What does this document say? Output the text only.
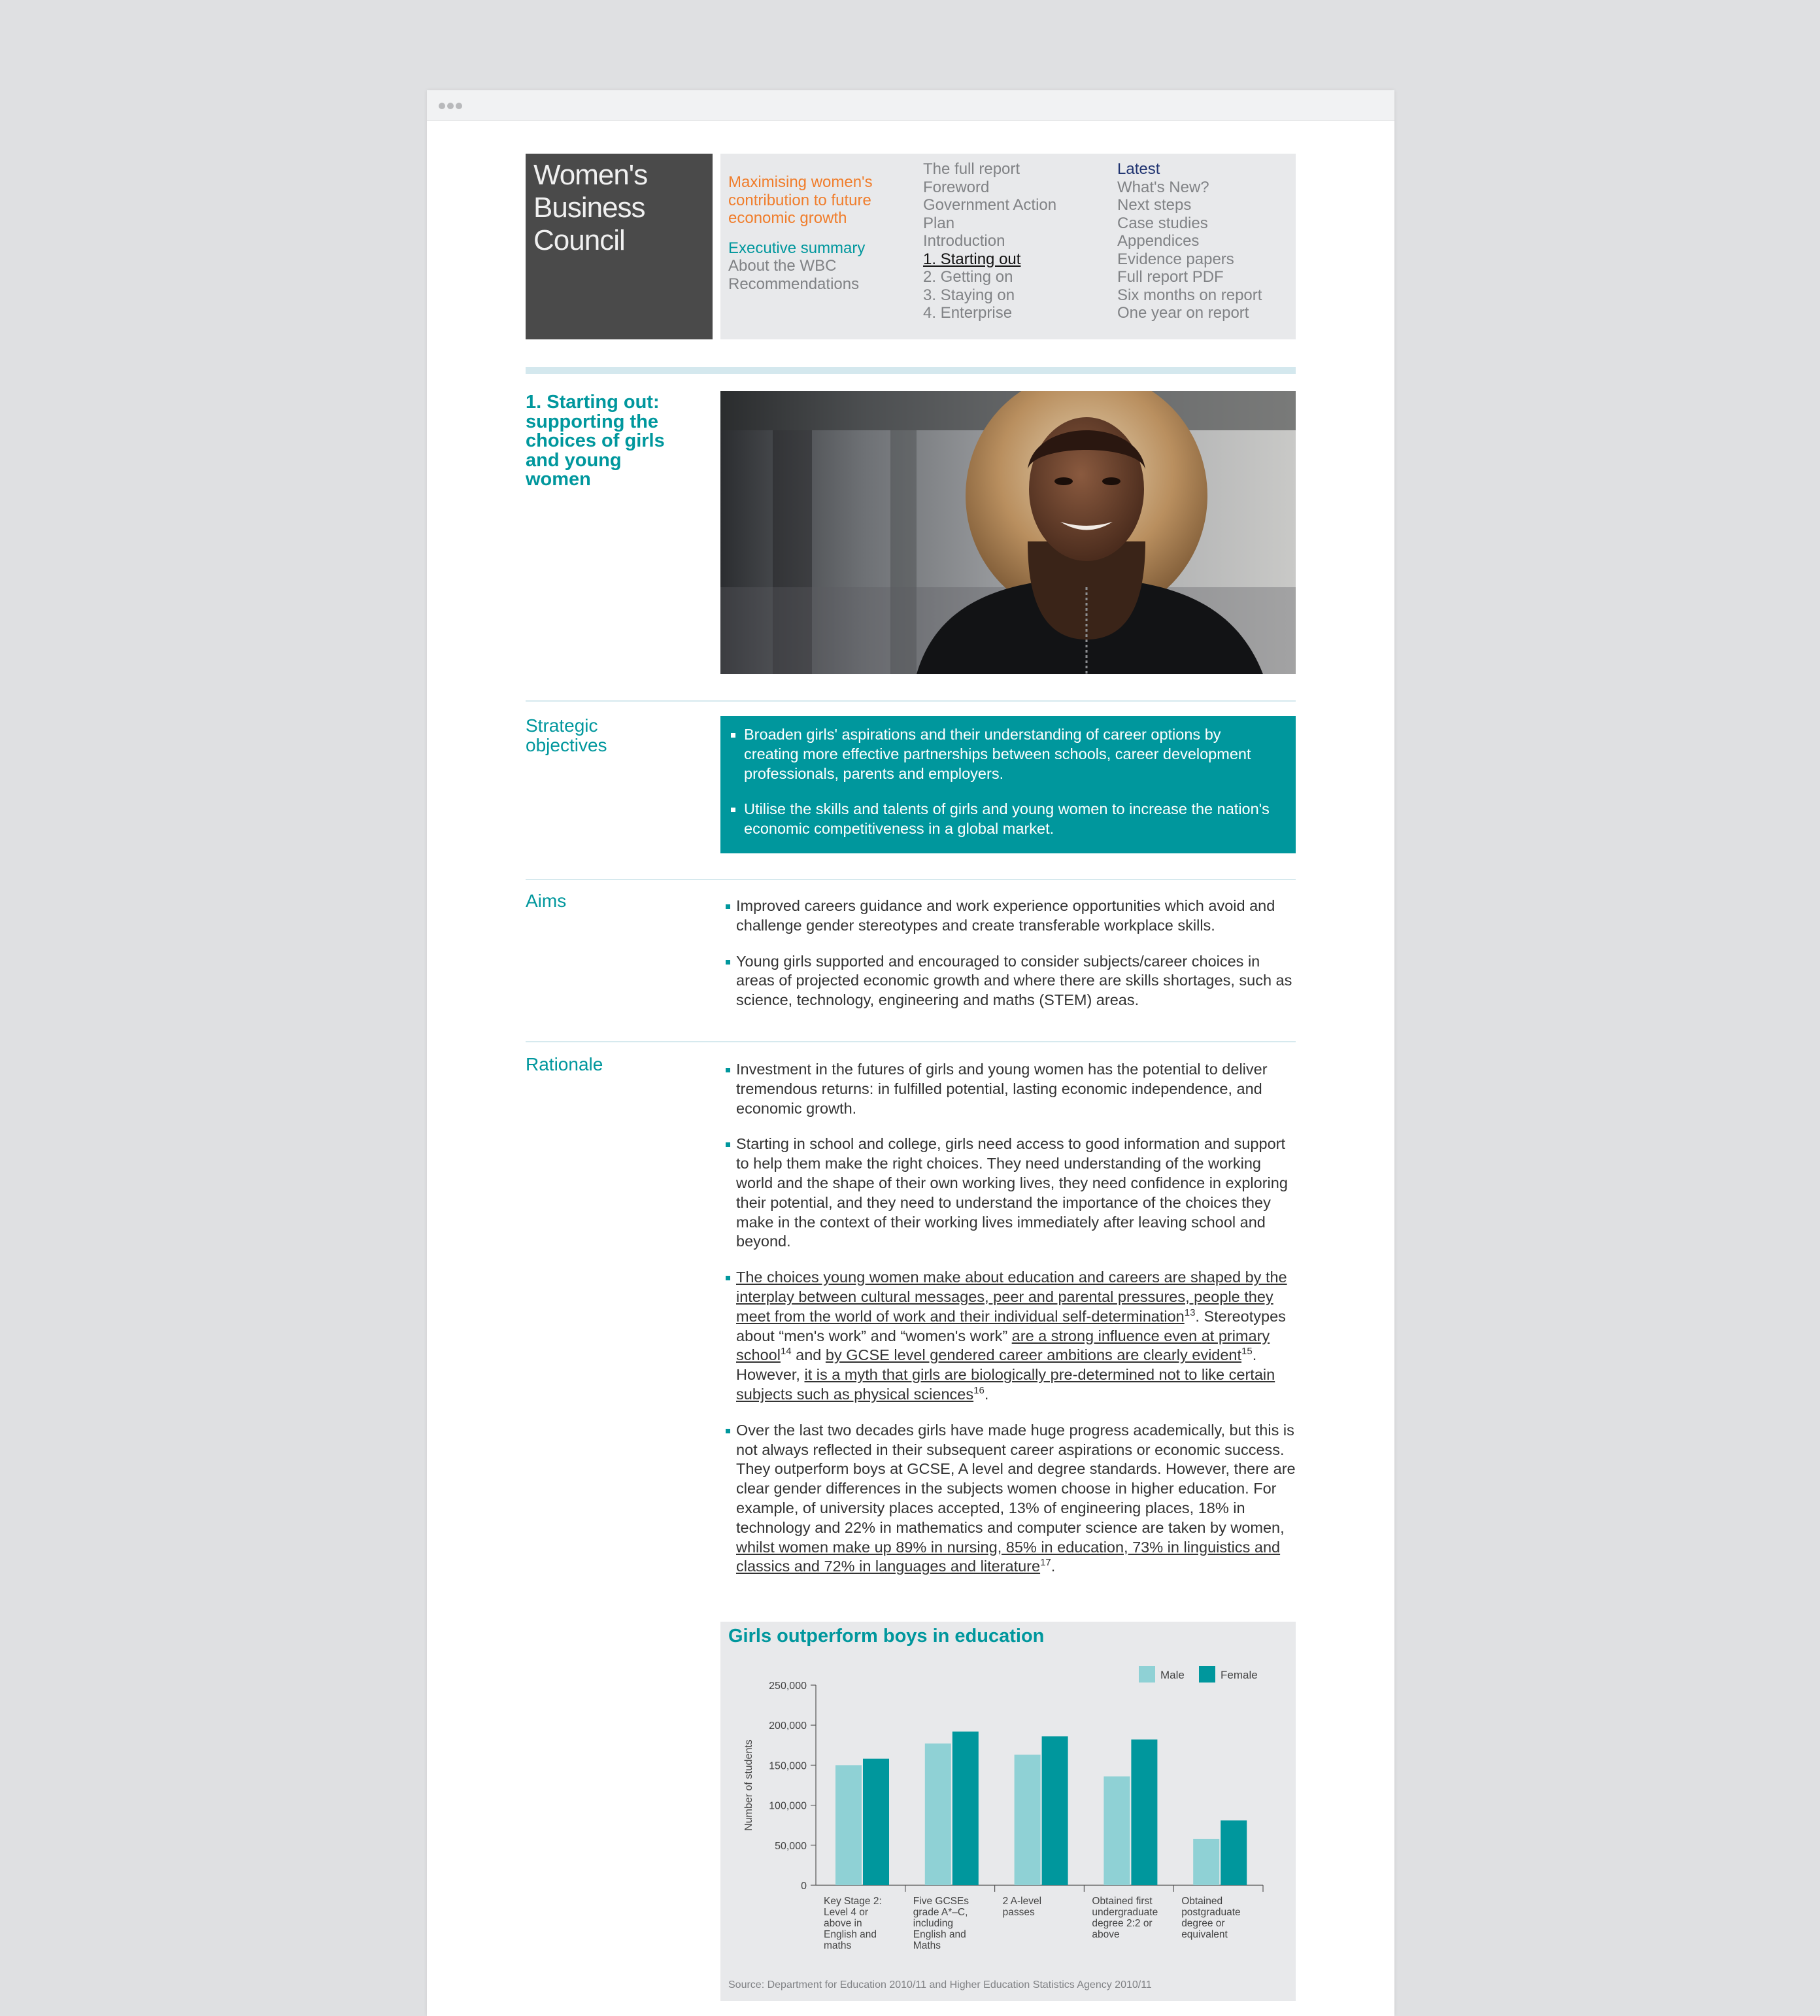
Women's
Business
Council
Maximising women's
contribution to future
economic growth
Executive summary
About the WBC
Recommendations
The full report
Foreword
Government Action
Plan
Introduction
1. Starting out
2. Getting on
3. Staying on
4. Enterprise
Latest
What's New?
Next steps
Case studies
Appendices
Evidence papers
Full report PDF
Six months on report
One year on report
1. Starting out:
supporting the
choices of girls
and young
women
Strategic
objectives
Broaden girls' aspirations and their understanding of career options by creating more effective partnerships between schools, career development professionals, parents and employers.
Utilise the skills and talents of girls and young women to increase the nation's economic competitiveness in a global market.
Aims	Improved careers guidance and work experience opportunities which avoid and challenge gender stereotypes and create transferable workplace skills.
Young girls supported and encouraged to consider subjects/career choices in areas of projected economic growth and where there are skills shortages, such as science, technology, engineering and maths (STEM) areas.
Rationale	Investment in the futures of girls and young women has the potential to deliver tremendous returns: in fulfilled potential, lasting economic independence, and economic growth.
Starting in school and college, girls need access to good information and support to help them make the right choices. They need understanding of the working world and the shape of their own working lives, they need confidence in exploring their potential, and they need to understand the importance of the choices they make in the context of their working lives immediately after leaving school and beyond.
The choices young women make about education and careers are shaped by the interplay between cultural messages, peer and parental pressures, people they meet from the world of work and their individual self-determination$^{13}$. Stereotypes about “men's work” and “women's work” are a strong influence even at primary school$^{14}$ and by GCSE level gendered career ambitions are clearly evident$^{15}$. However, it is a myth that girls are biologically pre-determined not to like certain subjects such as physical sciences$^{16}$.
Over the last two decades girls have made huge progress academically, but this is not always reflected in their subsequent career aspirations or economic success. They outperform boys at GCSE, A level and degree standards. However, there are clear gender differences in the subjects women choose in higher education. For example, of university places accepted, 13% of engineering places, 18% in technology and 22% in mathematics and computer science are taken by women, whilst women make up 89% in nursing, 85% in education, 73% in linguistics and classics and 72% in languages and literature$^{17}$.
Girls outperform boys in education
0
50,000
100,000
150,000
200,000
250,000
Number of students
Key Stage 2:
Level 4 or
above in
English and
maths
Five GCSEs
grade A*–C,
including
English and
Maths
2 A-level
passes
Obtained first
undergraduate
degree 2:2 or
above
Obtained
postgraduate
degree or
equivalent
Male	Female
Source: Department for Education 2010/11 and Higher Education Statistics Agency 2010/11
